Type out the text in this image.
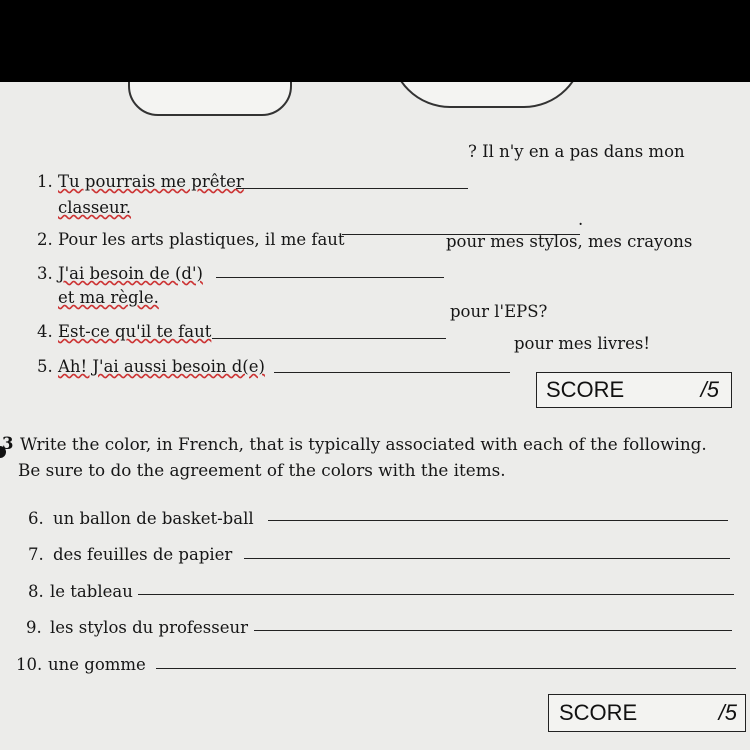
1. Tu pourrais me prêter
? Il n'y en a pas dans mon
classeur.
2. Pour les arts plastiques, il me faut
.
3. J'ai besoin de (d')
pour mes stylos, mes crayons
et ma règle.
4. Est-ce qu'il te faut
pour l'EPS?
5. Ah! J'ai aussi besoin d(e)
pour mes livres!
SCORE	/5
3 Write the color, in French, that is typically associated with each of the following.
Be sure to do the agreement of the colors with the items.
6. un ballon de basket-ball
7. des feuilles de papier
8. le tableau
9. les stylos du professeur
10. une gomme
SCORE	/5
